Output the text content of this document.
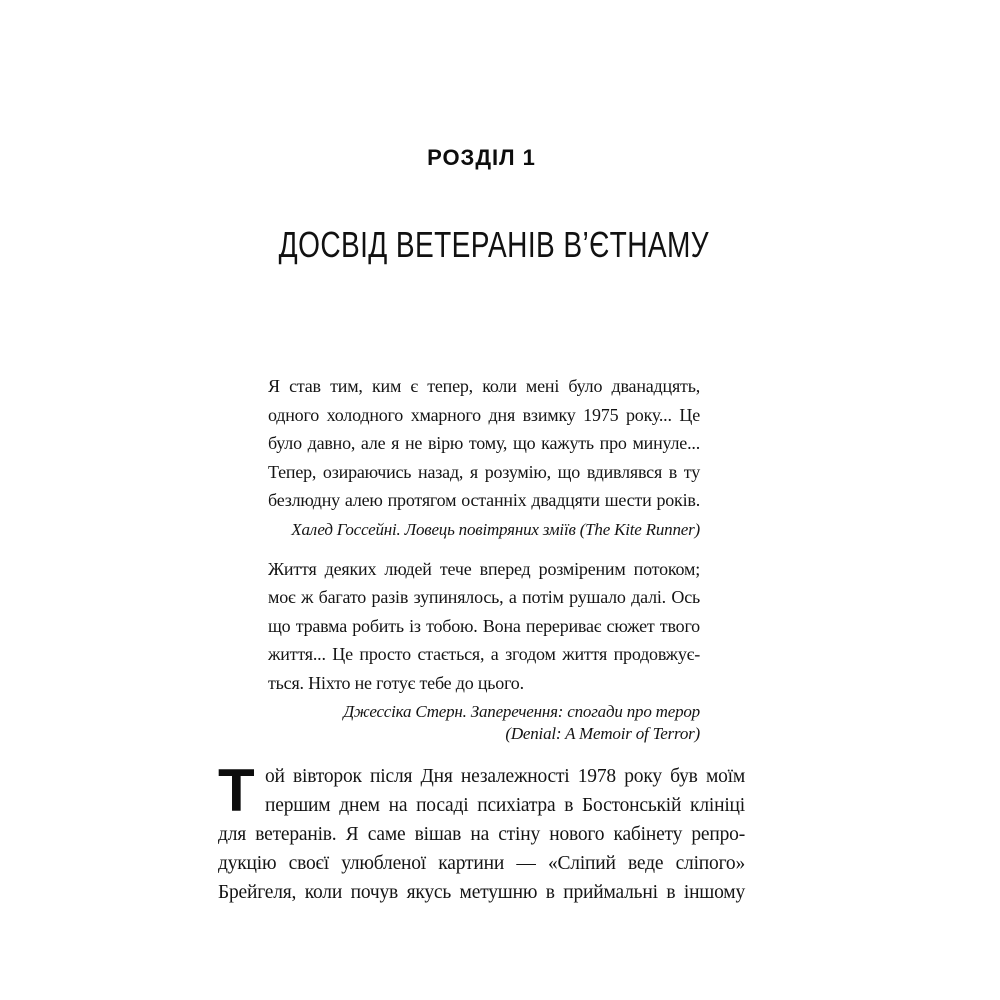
РОЗДІЛ 1
ДОСВІД ВЕТЕРАНІВ В’ЄТНАМУ
Я став тим, ким є тепер, коли мені було дванадцять,
одного холодного хмарного дня взимку 1975 року... Це
було давно, але я не вірю тому, що кажуть про минуле...
Тепер, озираючись назад, я розумію, що вдивлявся в ту
безлюдну алею протягом останніх двадцяти шести років.
Халед Госсейні. Ловець повітряних зміїв (The Kite Runner)
Життя деяких людей тече вперед розміреним потоком;
моє ж багато разів зупинялось, а потім рушало далі. Ось
що травма робить із тобою. Вона перериває сюжет твого
життя... Це просто стається, а згодом життя продовжує-
ться. Ніхто не готує тебе до цього.
Джессіка Стерн. Заперечення: спогади про терор
(Denial: A Memoir of Terror)
Т ой вівторок після Дня незалежності 1978 року був моїм
першим днем на посаді психіатра в Бостонській клініці
для ветеранів. Я саме вішав на стіну нового кабінету репро-
дукцію своєї улюбленої картини — «Сліпий веде сліпого»
Брейгеля, коли почув якусь метушню в приймальні в іншому
